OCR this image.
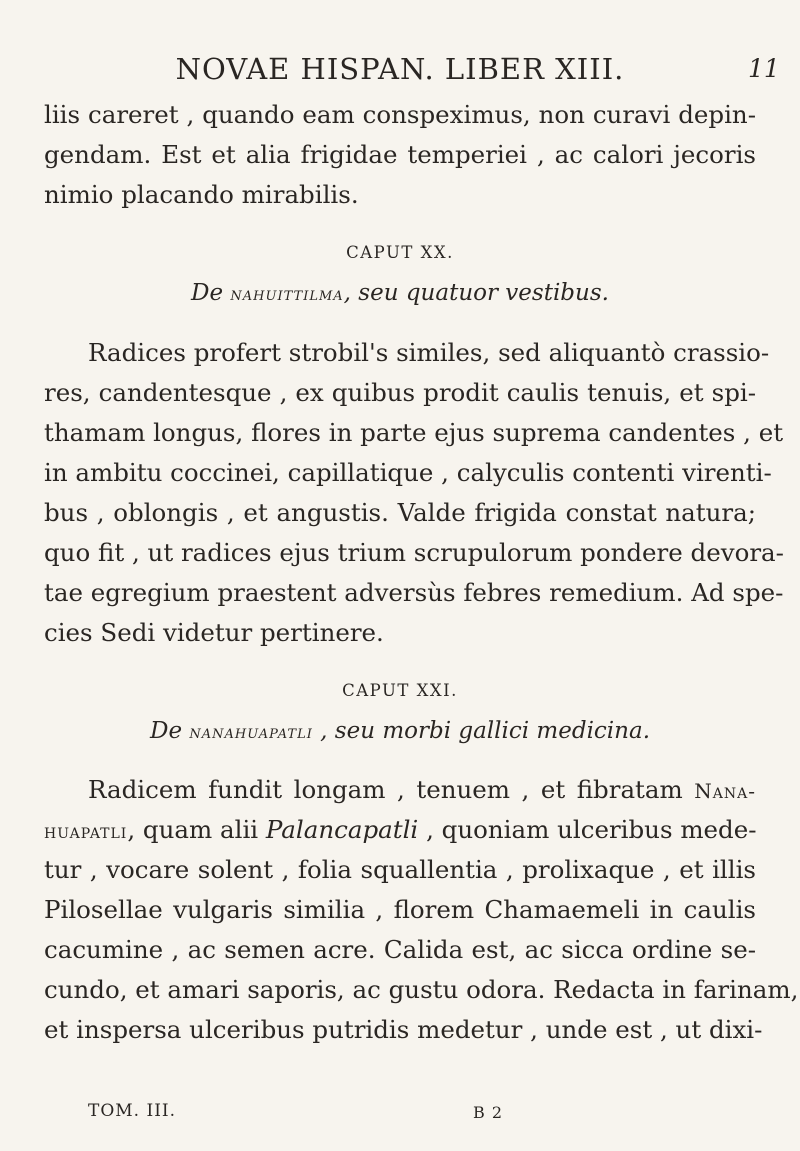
NOVAE HISPAN. LIBER XIII.	11
liis careret , quando eam conspeximus, non curavi depin-
gendam. Est et alia frigidae temperiei , ac calori jecoris
nimio placando mirabilis.
CAPUT XX.
De nahuittilma, seu quatuor vestibus.
Radices profert strobil's similes, sed aliquantò crassio-
res, candentesque , ex quibus prodit caulis tenuis, et spi-
thamam longus, flores in parte ejus suprema candentes , et
in ambitu coccinei, capillatique , calyculis contenti virenti-
bus , oblongis , et angustis. Valde frigida constat natura;
quo fit , ut radices ejus trium scrupulorum pondere devora-
tae egregium praestent adversùs febres remedium. Ad spe-
cies Sedi videtur pertinere.
CAPUT XXI.
De nanahuapatli , seu morbi gallici medicina.
Radicem fundit longam , tenuem , et fibratam Nana-
huapatli, quam alii Palancapatli , quoniam ulceribus mede-
tur , vocare solent , folia squallentia , prolixaque , et illis
Pilosellae vulgaris similia , florem Chamaemeli in caulis
cacumine , ac semen acre. Calida est, ac sicca ordine se-
cundo, et amari saporis, ac gustu odora. Redacta in farinam,
et inspersa ulceribus putridis medetur , unde est , ut dixi-
TOM. III.	B 2
